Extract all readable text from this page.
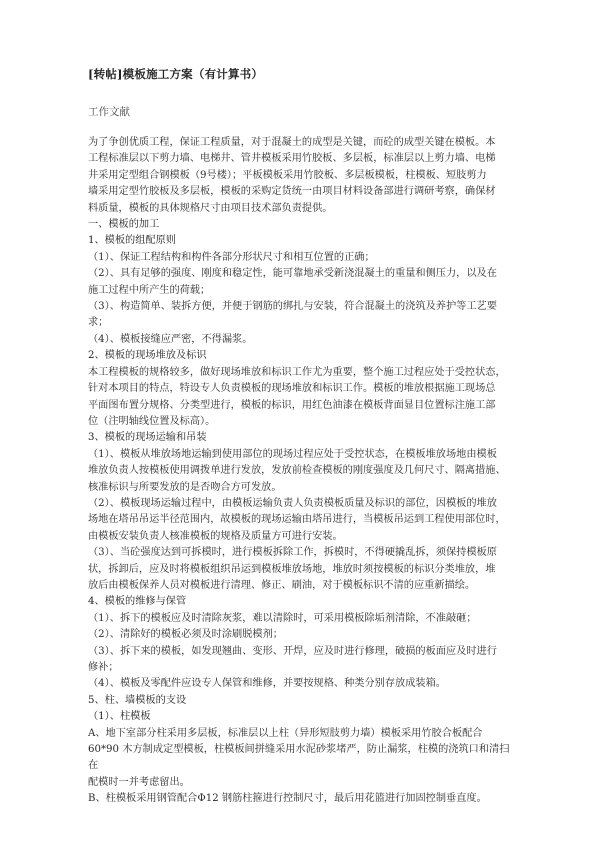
[转帖]模板施工方案（有计算书）
工作文献

为了争创优质工程，保证工程质量，对于混凝土的成型是关键，而砼的成型关键在模板。本

工程标准层以下剪力墙、电梯井、管井模板采用竹胶板、多层板，标准层以上剪力墙、电梯

井采用定型组合钢模板（9号楼）；平板模板采用竹胶板、多层板模板，柱模板、短肢剪力

墙采用定型竹胶板及多层板，模板的采购定货统一由项目材料设备部进行调研考察，确保材

料质量，模板的具体规格尺寸由项目技术部负责提供。

一、模板的加工

1、模板的组配原则

（1）、保证工程结构和构件各部分形状尺寸和相互位置的正确；

（2）、具有足够的强度、刚度和稳定性，能可靠地承受新浇混凝土的重量和侧压力，以及在

施工过程中所产生的荷载；

（3）、构造简单、装拆方便，并便于钢筋的绑扎与安装，符合混凝土的浇筑及养护等工艺要

求；

（4）、模板接缝应严密，不得漏浆。

2、模板的现场堆放及标识

本工程模板的规格较多，做好现场堆放和标识工作尤为重要，整个施工过程应处于受控状态，

针对本项目的特点，特设专人负责模板的现场堆放和标识工作。模板的堆放根据施工现场总

平面图布置分规格、分类型进行，模板的标识，用红色油漆在模板背面显目位置标注施工部

位（注明轴线位置及标高）。

3、模板的现场运输和吊装

（1）、模板从堆放场地运输到使用部位的现场过程应处于受控状态，在模板堆放场地由模板

堆放负责人按模板使用调拨单进行发放，发放前检查模板的刚度强度及几何尺寸、隔离措施、

核准标识与所要发放的是否吻合方可发放。

（2）、模板现场运输过程中，由模板运输负责人负责模板质量及标识的部位，因模板的堆放

场地在塔吊吊运半径范围内，故模板的现场运输由塔吊进行，当模板吊运到工程使用部位时，

由模板安装负责人核准模板的规格及质量方可进行安装。

（3）、当砼强度达到可拆模时，进行模板拆除工作，拆模时，不得硬撬乱拆，须保持模板原

状，拆卸后，应及时将模板组织吊运到模板堆放场地，堆放时须按模板的标识分类堆放，堆

放后由模板保养人员对模板进行清理、修正、刷油，对于模板标识不清的应重新描绘。

4、模板的维修与保管

（1）、拆下的模板应及时清除灰浆，难以清除时，可采用模板除垢剂清除，不准敲砸；

（2）、清除好的模板必须及时涂刷脱模剂；

（3）、拆下来的模板，如发现翘曲、变形、开焊，应及时进行修理，破损的板面应及时进行

修补；

（4）、模板及零配件应设专人保管和维修，并要按规格、种类分别存放成装箱。

5、柱、墙模板的支设

（1）、柱模板

A、地下室部分柱采用多层板，标准层以上柱（异形短肢剪力墙）模板采用竹胶合板配合

60*90 木方制成定型模板，柱模板间拼缝采用水泥砂浆堵严，防止漏浆，柱模的浇筑口和清扫在

配模时一并考虑留出。

B、柱模板采用钢管配合Φ12 钢筋柱箍进行控制尺寸，最后用花篮进行加固控制垂直度。
